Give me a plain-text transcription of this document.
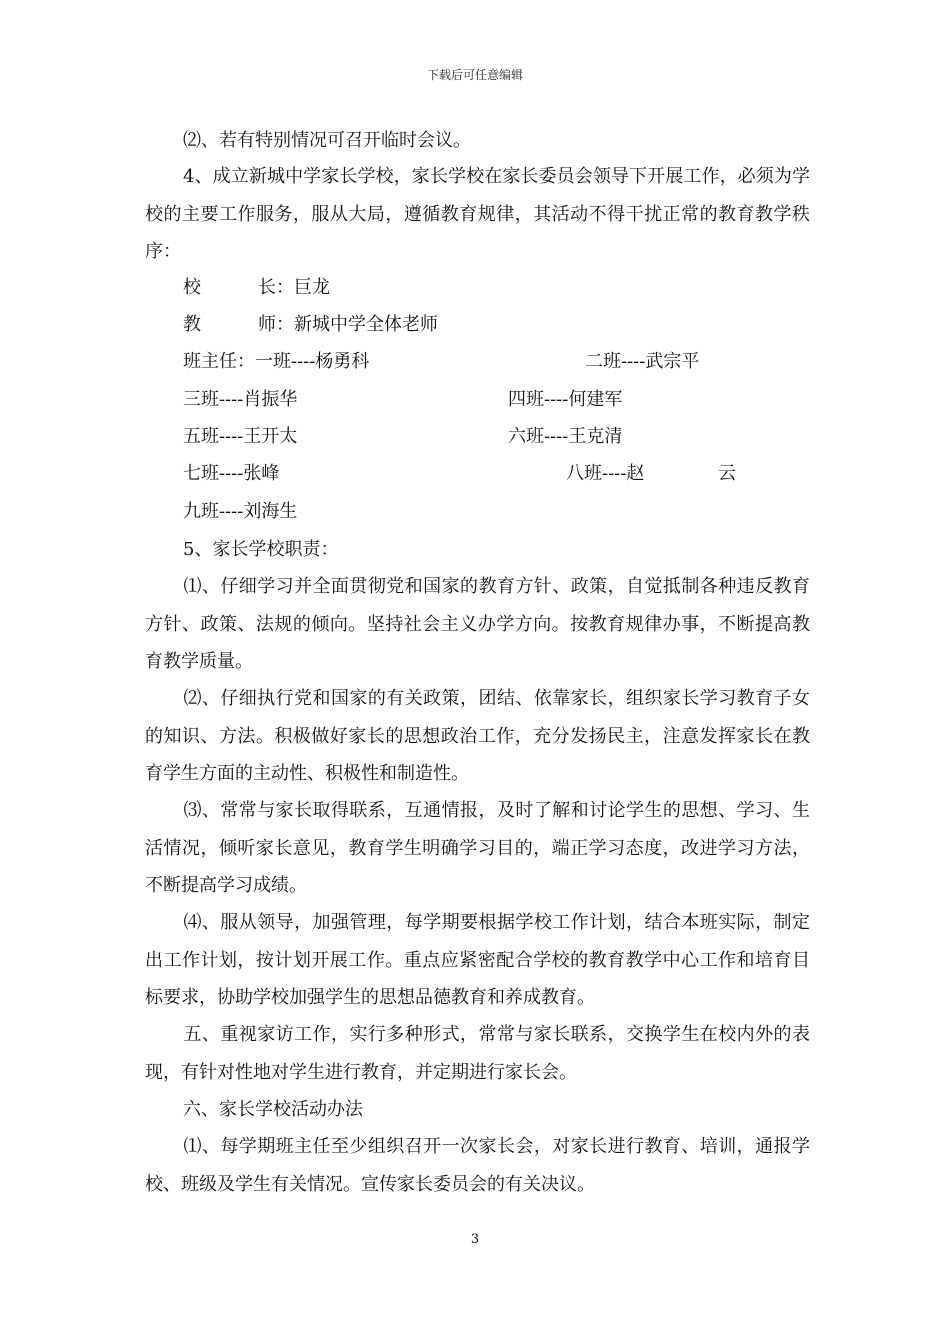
下载后可任意编辑

⑵、若有特别情况可召开临时会议。

4、成立新城中学家长学校，家长学校在家长委员会领导下开展工作，必须为学校的主要工作服务，服从大局，遵循教育规律，其活动不得干扰正常的教育教学秩序：

校	长：巨龙
教	师：新城中学全体老师
班主任：一班----杨勇科	二班----武宗平
三班----肖振华	四班----何建军
五班----王开太	六班----王克清
七班----张峰	八班----赵	云
九班----刘海生

5、家长学校职责：

⑴、仔细学习并全面贯彻党和国家的教育方针、政策，自觉抵制各种违反教育方针、政策、法规的倾向。坚持社会主义办学方向。按教育规律办事，不断提高教育教学质量。

⑵、仔细执行党和国家的有关政策，团结、依靠家长，组织家长学习教育子女的知识、方法。积极做好家长的思想政治工作，充分发扬民主，注意发挥家长在教育学生方面的主动性、积极性和制造性。

⑶、常常与家长取得联系，互通情报，及时了解和讨论学生的思想、学习、生活情况，倾听家长意见，教育学生明确学习目的，端正学习态度，改进学习方法，不断提高学习成绩。

⑷、服从领导，加强管理，每学期要根据学校工作计划，结合本班实际，制定出工作计划，按计划开展工作。重点应紧密配合学校的教育教学中心工作和培育目标要求，协助学校加强学生的思想品德教育和养成教育。

五、重视家访工作，实行多种形式，常常与家长联系，交换学生在校内外的表现，有针对性地对学生进行教育，并定期进行家长会。

六、家长学校活动办法

⑴、每学期班主任至少组织召开一次家长会，对家长进行教育、培训，通报学校、班级及学生有关情况。宣传家长委员会的有关决议。

3
